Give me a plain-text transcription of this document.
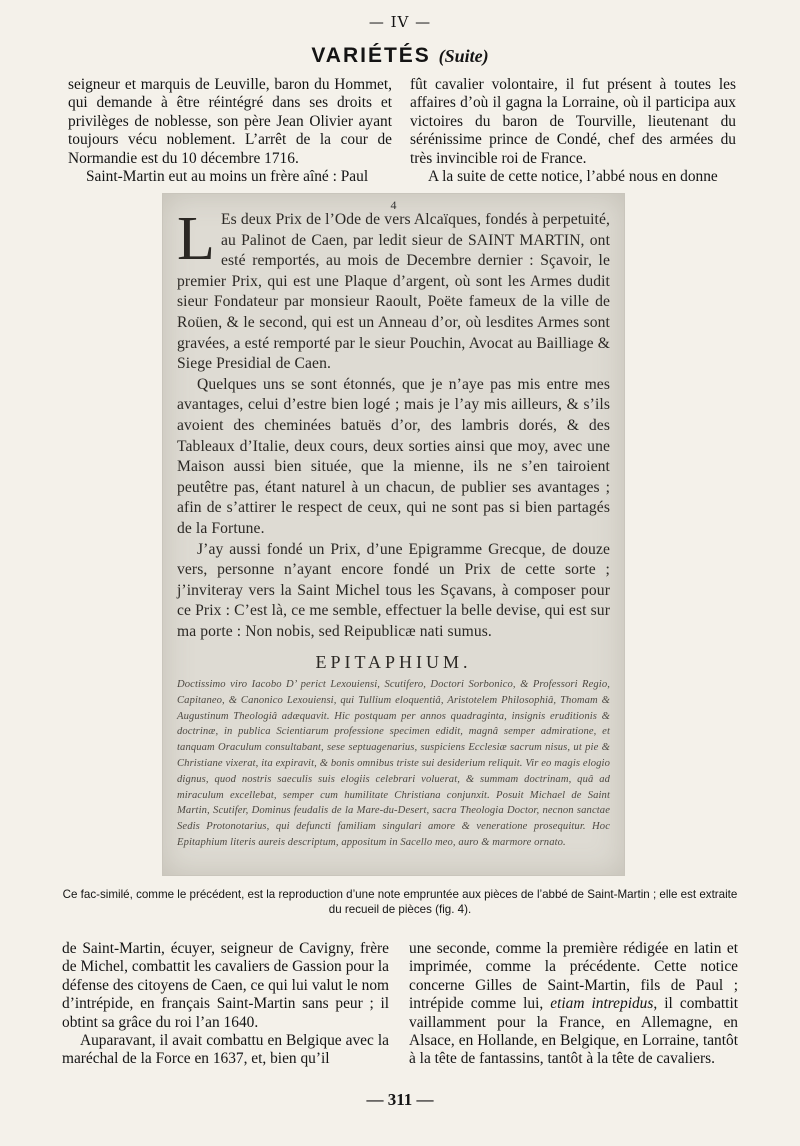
— IV —
VARIÉTÉS (Suite)

seigneur et marquis de Leuville, baron du Hommet, qui demande à être réintégré dans ses droits et privilèges de noblesse, son père Jean Olivier ayant toujours vécu noblement. L’arrêt de la cour de Normandie est du 10 décembre 1716.

Saint-Martin eut au moins un frère aîné : Paul

fût cavalier volontaire, il fut présent à toutes les affaires d’où il gagna la Lorraine, où il participa aux victoires du baron de Tourville, lieutenant du sérénissime prince de Condé, chef des armées du très invincible roi de France.

A la suite de cette notice, l’abbé nous en donne

4

L Es deux Prix de l’Ode de vers Alcaïques, fondés à perpetuité, au Palinot de Caen, par ledit sieur de SAINT MARTIN, ont esté remportés, au mois de Decembre dernier : Sçavoir, le premier Prix, qui est une Plaque d’argent, où sont les Armes dudit sieur Fondateur par monsieur Raoult, Poëte fameux de la ville de Roüen, & le second, qui est un Anneau d’or, où lesdites Armes sont gravées, a esté remporté par le sieur Pouchin, Avocat au Bailliage & Siege Presidial de Caen.

Quelques uns se sont étonnés, que je n’aye pas mis entre mes avantages, celui d’estre bien logé ; mais je l’ay mis ailleurs, & s’ils avoient des cheminées batuës d’or, des lambris dorés, & des Tableaux d’Italie, deux cours, deux sorties ainsi que moy, avec une Maison aussi bien située, que la mienne, ils ne s’en tairoient peutêtre pas, étant naturel à un chacun, de publier ses avantages ; afin de s’attirer le respect de ceux, qui ne sont pas si bien partagés de la Fortune.

J’ay aussi fondé un Prix, d’une Epigramme Grecque, de douze vers, personne n’ayant encore fondé un Prix de cette sorte ; j’inviteray vers la Saint Michel tous les Sçavans, à composer pour ce Prix : C’est là, ce me semble, effectuer la belle devise, qui est sur ma porte : Non nobis, sed Reipublicæ nati sumus.

EPITAPHIUM.
Doctissimo viro Iacobo D’ perict Lexouiensi, Scutifero, Doctori Sorbonico, & Professori Regio, Capitaneo, & Canonico Lexouiensi, qui Tullium eloquentiâ, Aristotelem Philosophiâ, Thomam & Augustinum Theologiâ adæquavit. Hic postquam per annos quadraginta, insignis eruditionis & doctrinæ, in publica Scientiarum professione specimen edidit, magnâ semper admiratione, et tanquam Oraculum consultabant, sese septuagenarius, suspiciens Ecclesiæ sacrum nisus, ut pie & Christiane vixerat, ita expiravit, & bonis omnibus triste sui desiderium reliquit. Vir eo magis elogio dignus, quod nostris saeculis suis elogiis celebrari voluerat, & summam doctrinam, quâ ad miraculum excellebat, semper cum humilitate Christiana conjunxit. Posuit Michael de Saint Martin, Scutifer, Dominus feudalis de la Mare-du-Desert, sacra Theologia Doctor, necnon sanctae Sedis Protonotarius, qui defuncti familiam singulari amore & veneratione prosequitur. Hoc Epitaphium literis aureis descriptum, appositum in Sacello meo, auro & marmore ornato.
Ce fac-similé, comme le précédent, est la reproduction d’une note empruntée aux pièces de l’abbé de Saint-Martin ; elle est extraite du recueil de pièces (fig. 4).

de Saint-Martin, écuyer, seigneur de Cavigny, frère de Michel, combattit les cavaliers de Gassion pour la défense des citoyens de Caen, ce qui lui valut le nom d’intrépide, en français Saint-Martin sans peur ; il obtint sa grâce du roi l’an 1640.

Auparavant, il avait combattu en Belgique avec la maréchal de la Force en 1637, et, bien qu’il

une seconde, comme la première rédigée en latin et imprimée, comme la précédente. Cette notice concerne Gilles de Saint-Martin, fils de Paul ; intrépide comme lui, etiam intrepidus, il combattit vaillamment pour la France, en Allemagne, en Alsace, en Hollande, en Belgique, en Lorraine, tantôt à la tête de fantassins, tantôt à la tête de cavaliers.

— 311 —
